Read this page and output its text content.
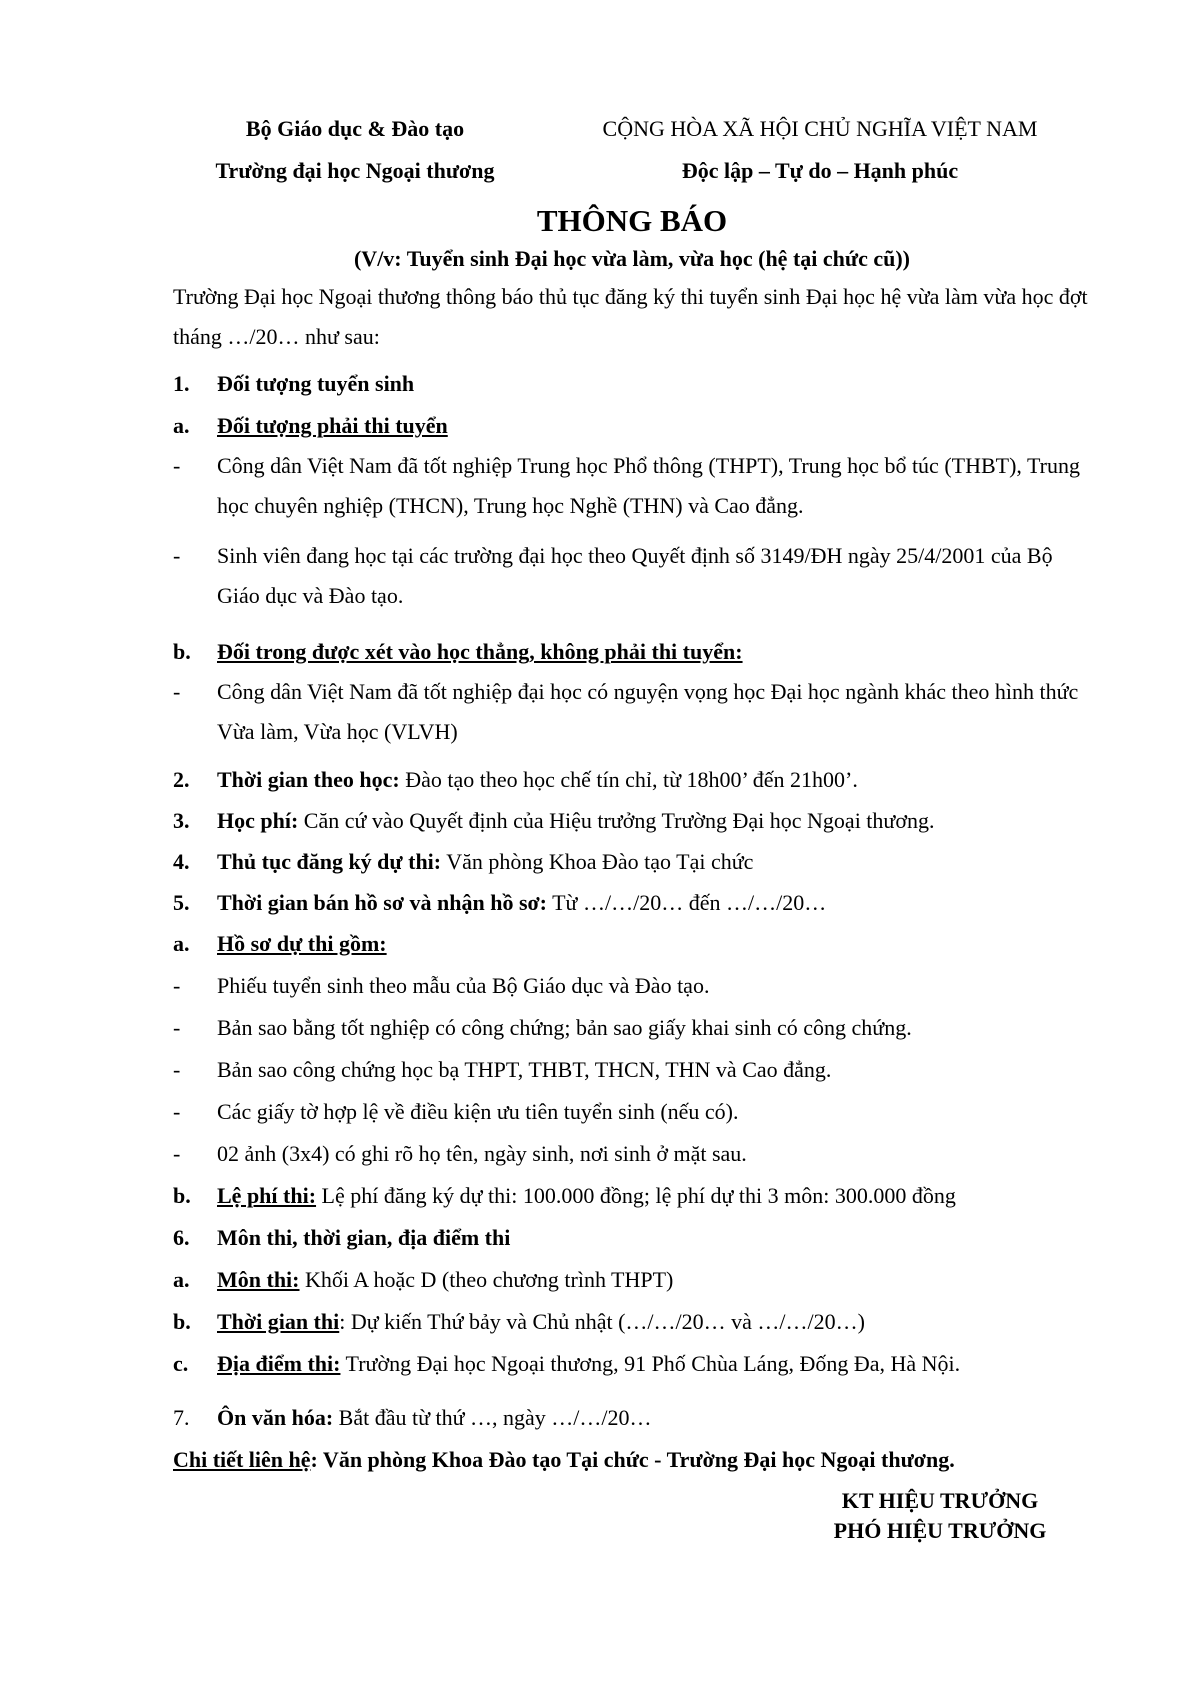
Bộ Giáo dục & Đào tạo
Trường đại học Ngoại thương
CỘNG HÒA XÃ HỘI CHỦ NGHĨA VIỆT NAM
Độc lập – Tự do – Hạnh phúc
THÔNG BÁO
(V/v: Tuyển sinh Đại học vừa làm, vừa học (hệ tại chức cũ))
Trường Đại học Ngoại thương thông báo thủ tục đăng ký thi tuyển sinh Đại học hệ vừa làm vừa học đợt tháng …/20… như sau:
1.	Đối tượng tuyển sinh
a.	Đối tượng phải thi tuyển
-	Công dân Việt Nam đã tốt nghiệp Trung học Phổ thông (THPT), Trung học bổ túc (THBT), Trung học chuyên nghiệp (THCN), Trung học Nghề (THN) và Cao đẳng.
-	Sinh viên đang học tại các trường đại học theo Quyết định số 3149/ĐH ngày 25/4/2001 của Bộ Giáo dục và Đào tạo.
b.	Đối trong được xét vào học thẳng, không phải thi tuyển:
-	Công dân Việt Nam đã tốt nghiệp đại học có nguyện vọng học Đại học ngành khác theo hình thức Vừa làm, Vừa học (VLVH)
2.	Thời gian theo học: Đào tạo theo học chế tín chỉ, từ 18h00’ đến 21h00’.
3.	Học phí: Căn cứ vào Quyết định của Hiệu trưởng Trường Đại học Ngoại thương.
4.	Thủ tục đăng ký dự thi: Văn phòng Khoa Đào tạo Tại chức
5.	Thời gian bán hồ sơ và nhận hồ sơ: Từ …/…/20… đến …/…/20…
a.	Hồ sơ dự thi gồm:
-	Phiếu tuyển sinh theo mẫu của Bộ Giáo dục và Đào tạo.
-	Bản sao bằng tốt nghiệp có công chứng; bản sao giấy khai sinh có công chứng.
-	Bản sao công chứng học bạ THPT, THBT, THCN, THN và Cao đẳng.
-	Các giấy tờ hợp lệ về điều kiện ưu tiên tuyển sinh (nếu có).
-	02 ảnh (3x4) có ghi rõ họ tên, ngày sinh, nơi sinh ở mặt sau.
b.	Lệ phí thi: Lệ phí đăng ký dự thi: 100.000 đồng; lệ phí dự thi 3 môn: 300.000 đồng
6.	Môn thi, thời gian, địa điểm thi
a.	Môn thi: Khối A hoặc D (theo chương trình THPT)
b.	Thời gian thi: Dự kiến Thứ bảy và Chủ nhật (…/…/20… và …/…/20…)
c.	Địa điểm thi: Trường Đại học Ngoại thương, 91 Phố Chùa Láng, Đống Đa, Hà Nội.
7.	Ôn văn hóa: Bắt đầu từ thứ …, ngày …/…/20…
Chi tiết liên hệ: Văn phòng Khoa Đào tạo Tại chức - Trường Đại học Ngoại thương.
KT HIỆU TRƯỞNG
PHÓ HIỆU TRƯỞNG
